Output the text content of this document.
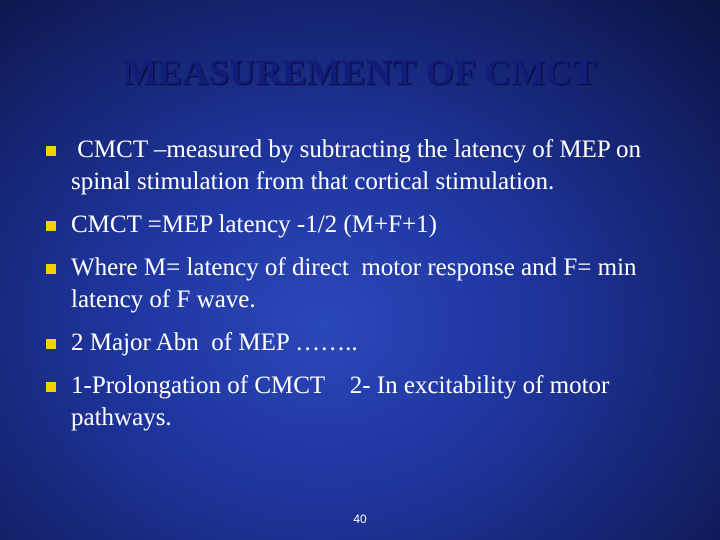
MEASUREMENT OF CMCT
CMCT –measured by subtracting the latency of MEP on spinal stimulation from that cortical stimulation.
CMCT =MEP latency -1/2 (M+F+1)
Where M= latency of direct  motor response and F= min latency of F wave.
2 Major Abn  of MEP ……..
1-Prolongation of CMCT    2- In excitability of motor pathways.
40
